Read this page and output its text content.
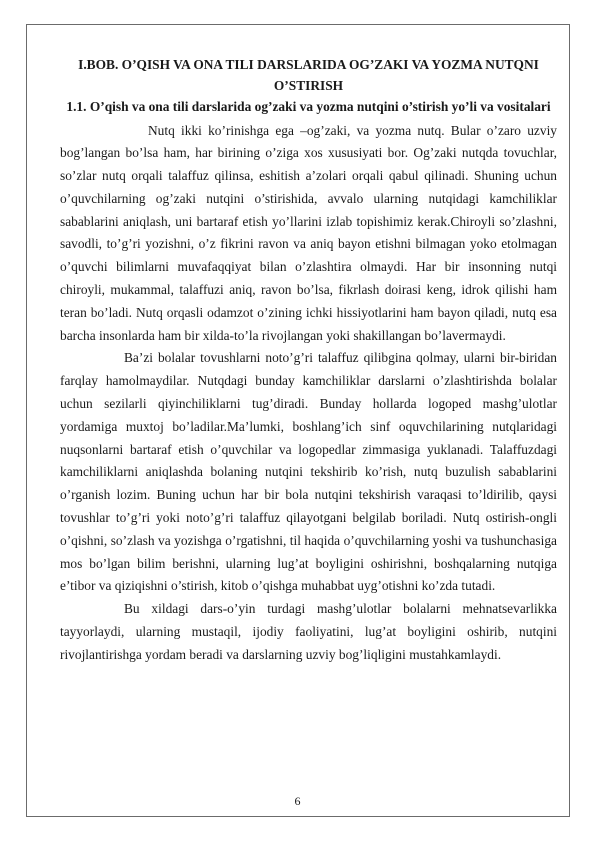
I.BOB. O’QISH VA ONA TILI DARSLARIDA OG’ZAKI VA YOZMA NUTQNI O’STIRISH

1.1. O’qish va ona tili darslarida og’zaki va yozma nutqini o’stirish yo’li va vositalari

Nutq ikki ko’rinishga ega –og’zaki, va yozma nutq. Bular o’zaro uzviy bog’langan bo’lsa ham, har birining o’ziga xos xususiyati bor. Og’zaki nutqda tovuchlar, so’zlar nutq orqali talaffuz qilinsa, eshitish a’zolari orqali qabul qilinadi. Shuning uchun o’quvchilarning og’zaki nutqini o’stirishida, avvalo ularning nutqidagi kamchiliklar sabablarini aniqlash, uni bartaraf etish yo’llarini izlab topishimiz kerak.Chiroyli so’zlashni, savodli, to’g’ri yozishni, o’z fikrini ravon va aniq bayon etishni bilmagan yoko etolmagan o’quvchi bilimlarni muvafaqqiyat bilan o’zlashtira olmaydi. Har bir insonning nutqi chiroyli, mukammal, talaffuzi aniq, ravon bo’lsa, fikrlash doirasi keng, idrok qilishi ham teran bo’ladi. Nutq orqasli odamzot o’zining ichki hissiyotlarini ham bayon qiladi, nutq esa barcha insonlarda ham bir xilda-to’la rivojlangan yoki shakillangan bo’lavermaydi.

Ba’zi bolalar tovushlarni noto’g’ri talaffuz qilibgina qolmay, ularni bir-biridan farqlay hamolmaydilar. Nutqdagi bunday kamchiliklar darslarni o’zlashtirishda bolalar uchun sezilarli qiyinchiliklarni tug’diradi. Bunday hollarda logoped mashg’ulotlar yordamiga muxtoj bo’ladilar.Ma’lumki, boshlang’ich sinf oquvchilarining nutqlaridagi nuqsonlarni bartaraf etish o’quvchilar va logopedlar zimmasiga yuklanadi. Talaffuzdagi kamchiliklarni aniqlashda bolaning nutqini tekshirib ko’rish, nutq buzulish sabablarini o’rganish lozim. Buning uchun har bir bola nutqini tekshirish varaqasi to’ldirilib, qaysi tovushlar to’g’ri yoki noto’g’ri talaffuz qilayotgani belgilab boriladi. Nutq ostirish-ongli o’qishni, so’zlash va yozishga o’rgatishni, til haqida o’quvchilarning yoshi va tushunchasiga mos bo’lgan bilim berishni, ularning lug’at boyligini oshirishni, boshqalarning nutqiga e’tibor va qiziqishni o’stirish, kitob o’qishga muhabbat uyg’otishni ko’zda tutadi.

Bu xildagi dars-o’yin turdagi mashg’ulotlar bolalarni mehnatsevarlikka tayyorlaydi, ularning mustaqil, ijodiy faoliyatini, lug’at boyligini oshirib, nutqini rivojlantirishga yordam beradi va darslarning uzviy bog’liqligini mustahkamlaydi.

6
